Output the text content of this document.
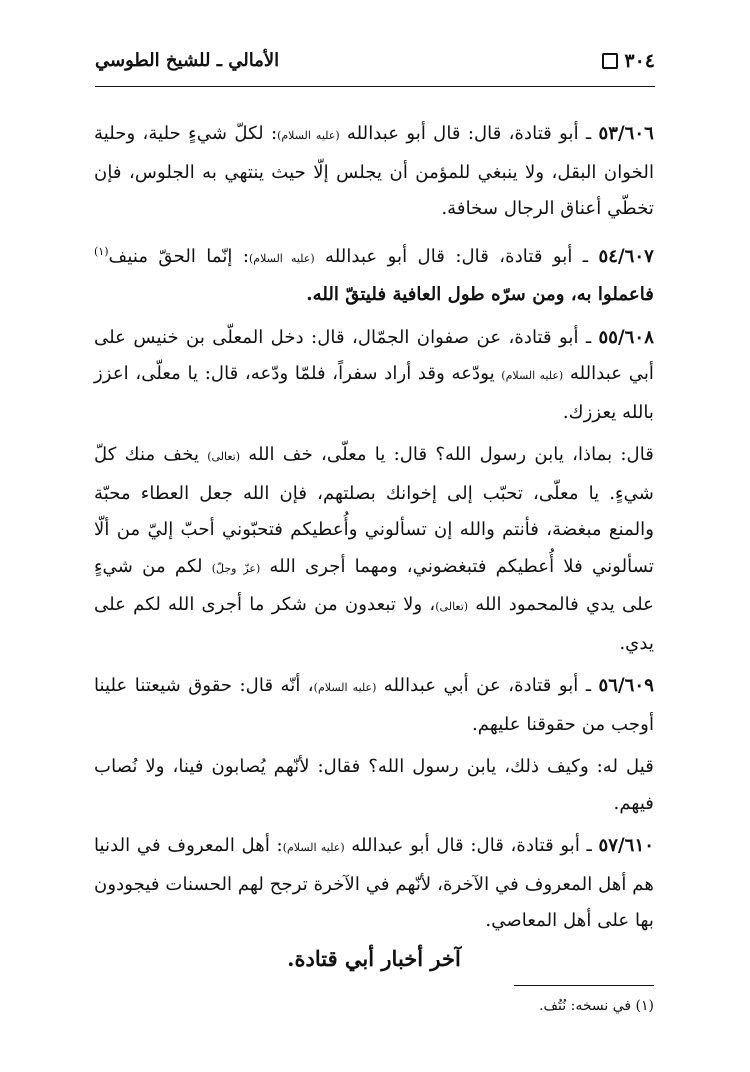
٣٠٤
الأمالي ـ للشيخ الطوسي

٥٣/٦٠٦ ـ أبو قتادة، قال: قال أبو عبدالله (عليه السلام): لكلّ شيءٍ حلية، وحلية الخوان البقل، ولا ينبغي للمؤمن أن يجلس إلّا حيث ينتهي به الجلوس، فإن تخطّي أعناق الرجال سخافة.

٥٤/٦٠٧ ـ أبو قتادة، قال: قال أبو عبدالله (عليه السلام): إنّما الحقّ منيف$^{(١)}$ فاعملوا به، ومن سرّه طول العافية فليتقّ الله.

٥٥/٦٠٨ ـ أبو قتادة، عن صفوان الجمّال، قال: دخل المعلّى بن خنيس على أبي عبدالله (عليه السلام) يودّعه وقد أراد سفراً، فلمّا ودّعه، قال: يا معلّى، اعزز بالله يعززك.

قال: بماذا، يابن رسول الله؟ قال: يا معلّى، خف الله (تعالى) يخف منك كلّ شيءٍ. يا معلّى، تحبّب إلى إخوانك بصلتهم، فإن الله جعل العطاء محبّة والمنع مبغضة، فأنتم والله إن تسألوني وأُعطيكم فتحبّوني أحبّ إليّ من ألّا تسألوني فلا أُعطيكم فتبغضوني، ومهما أجرى الله (عزّ وجلّ) لكم من شيءٍ على يدي فالمحمود الله (تعالى)، ولا تبعدون من شكر ما أجرى الله لكم على يدي.

٥٦/٦٠٩ ـ أبو قتادة، عن أبي عبدالله (عليه السلام)، أنّه قال: حقوق شيعتنا علينا أوجب من حقوقنا عليهم.

قيل له: وكيف ذلك، يابن رسول الله؟ فقال: لأنّهم يُصابون فينا، ولا نُصاب فيهم.

٥٧/٦١٠ ـ أبو قتادة، قال: قال أبو عبدالله (عليه السلام): أهل المعروف في الدنيا هم أهل المعروف في الآخرة، لأنّهم في الآخرة ترجح لهم الحسنات فيجودون بها على أهل المعاصي.

آخر أخبار أبي قتادة.
(١) في نسخه: نُتُف.
